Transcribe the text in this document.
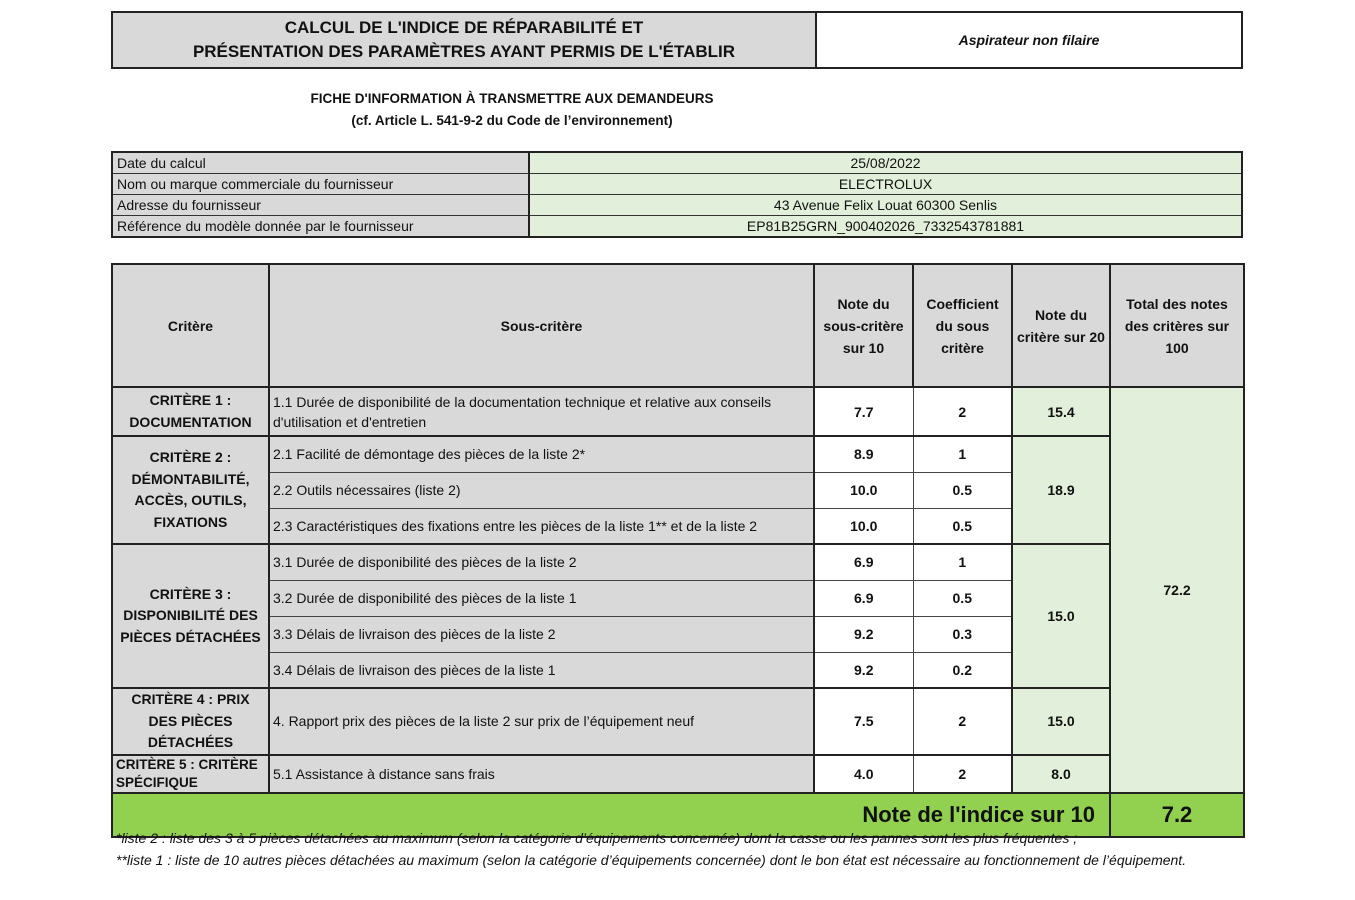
CALCUL DE L'INDICE DE RÉPARABILITÉ ET
PRÉSENTATION DES PARAMÈTRES AYANT PERMIS DE L'ÉTABLIR
Aspirateur non filaire
FICHE D'INFORMATION À TRANSMETTRE AUX DEMANDEURS
(cf. Article L. 541-9-2 du Code de l’environnement)
Date du calcul	25/08/2022
Nom ou marque commerciale du fournisseur	ELECTROLUX
Adresse du fournisseur	43 Avenue Felix Louat 60300 Senlis
Référence du modèle donnée par le fournisseur	EP81B25GRN_900402026_7332543781881
Critère	Sous-critère	Note du sous-critère sur 10	Coefficient du sous critère	Note du critère sur 20	Total des notes des critères sur 100
CRITÈRE 1 : DOCUMENTATION	1.1 Durée de disponibilité de la documentation technique et relative aux conseils d'utilisation et d'entretien	7.7	2	15.4	72.2
CRITÈRE 2 : DÉMONTABILITÉ, ACCÈS, OUTILS, FIXATIONS	2.1 Facilité de démontage des pièces de la liste 2*	8.9	1	18.9	
	2.2 Outils nécessaires (liste 2)	10.0	0.5		
	2.3 Caractéristiques des fixations entre les pièces de la liste 1** et de la liste 2	10.0	0.5		
CRITÈRE 3 : DISPONIBILITÉ DES PIÈCES DÉTACHÉES	3.1 Durée de disponibilité des pièces de la liste 2	6.9	1	15.0	
	3.2 Durée de disponibilité des pièces de la liste 1	6.9	0.5		
	3.3 Délais de livraison des pièces de la liste 2	9.2	0.3		
	3.4 Délais de livraison des pièces de la liste 1	9.2	0.2		
CRITÈRE 4 : PRIX DES PIÈCES DÉTACHÉES	4. Rapport prix des pièces de la liste 2 sur prix de l’équipement neuf	7.5	2	15.0	
CRITÈRE 5 : CRITÈRE SPÉCIFIQUE	5.1 Assistance à distance sans frais	4.0	2	8.0	
Note de l'indice sur 10					7.2
*liste 2 : liste des 3 à 5 pièces détachées au maximum (selon la catégorie d’équipements concernée) dont la casse ou les pannes sont les plus fréquentes ;
**liste 1 : liste de 10 autres pièces détachées au maximum (selon la catégorie d’équipements concernée) dont le bon état est nécessaire au fonctionnement de l’équipement.
